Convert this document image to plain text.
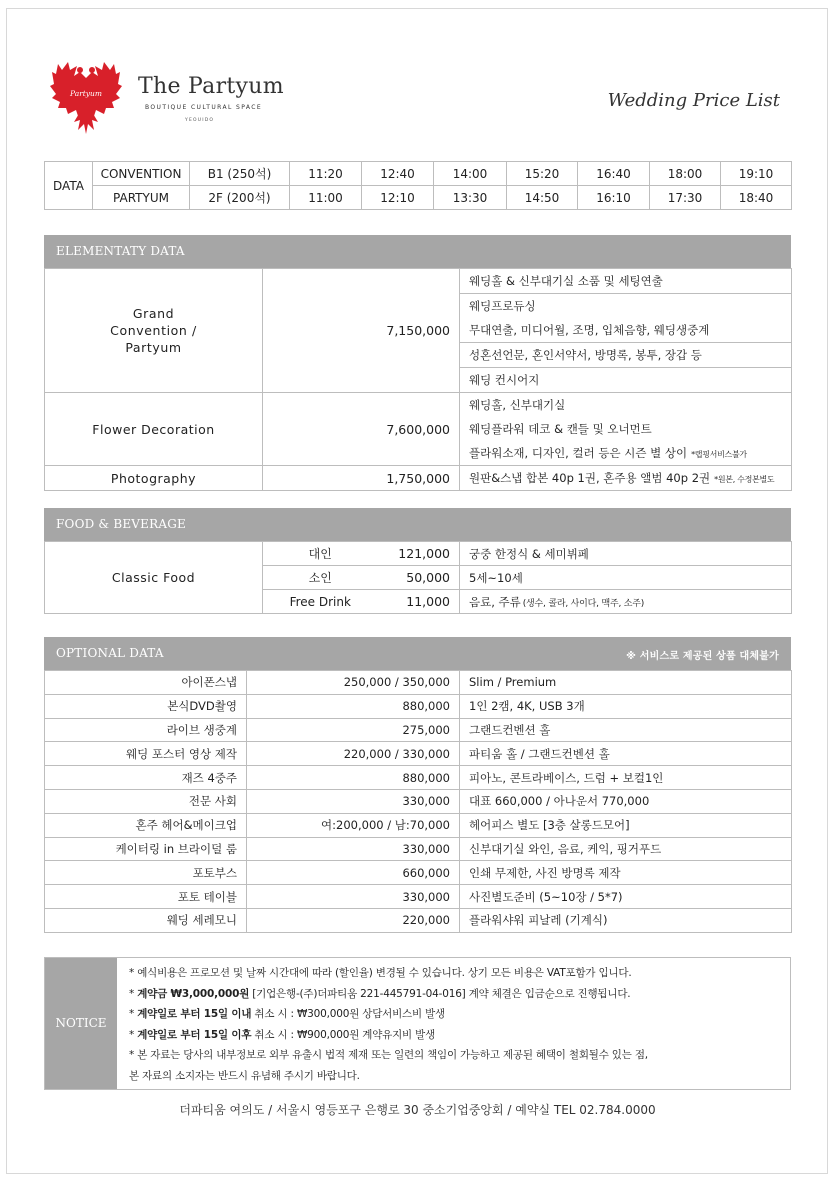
Partyum The Partyum
BOUTIQUE CULTURAL SPACE
YEOUIDO
Wedding Price List
DATA	CONVENTION	B1 (250석)	11:20	12:40	14:00	15:20	16:40	18:00	19:10
	PARTYUM	2F (200석)	11:00	12:10	13:30	14:50	16:10	17:30	18:40
ELEMENTATY DATA
Grand
Convention /
Partyum	7,150,000	웨딩홀 & 신부대기실 소품 및 세팅연출

		웨딩프로듀싱
무대연출, 미디어월, 조명, 입체음향, 웨딩생중계

		성혼선언문, 혼인서약서, 방명록, 봉투, 장갑 등

		웨딩 컨시어지

Flower Decoration	7,600,000	웨딩홀, 신부대기실
웨딩플라워 데코 & 캔들 및 오너먼트
플라워소재, 디자인, 컬러 등은 시즌 별 상이 *랩핑서비스불가

Photography	1,750,000	원판&스냅 합본 40p 1권, 혼주용 앨범 40p 2권 *원본, 수정본별도
FOOD & BEVERAGE
Classic Food	대인	121,000	궁중 한정식 & 세미뷔페
	소인	50,000	5세~10세
	Free Drink	11,000	음료, 주류 (생수, 콜라, 사이다, 맥주, 소주)
OPTIONAL DATA	※ 서비스로 제공된 상품 대체불가
아이폰스냅	250,000 / 350,000	Slim / Premium
본식DVD촬영	880,000	1인 2캠, 4K, USB 3개
라이브 생중계	275,000	그랜드컨벤션 홀
웨딩 포스터 영상 제작	220,000 / 330,000	파티움 홀 / 그랜드컨벤션 홀
재즈 4중주	880,000	피아노, 콘트라베이스, 드럼 + 보컬1인
전문 사회	330,000	대표 660,000 / 아나운서 770,000
혼주 헤어&메이크업	여:200,000 / 남:70,000	헤어피스 별도 [3층 살롱드모어]
케이터링 in 브라이덜 룸	330,000	신부대기실 와인, 음료, 케익, 핑거푸드
포토부스	660,000	인쇄 무제한, 사진 방명록 제작
포토 테이블	330,000	사진별도준비 (5~10장 / 5*7)
웨딩 세레모니	220,000	플라워샤워 피날레 (기계식)
NOTICE
* 예식비용은 프로모션 및 날짜 시간대에 따라 (할인율) 변경될 수 있습니다. 상기 모든 비용은 VAT포함가 입니다.
* 계약금 ₩3,000,000원 [기업은행-(주)더파티움 221-445791-04-016] 계약 체결은 입금순으로 진행됩니다.
* 계약일로 부터 15일 이내 취소 시 : ₩300,000원 상담서비스비 발생
* 계약일로 부터 15일 이후 취소 시 : ₩900,000원 계약유지비 발생
* 본 자료는 당사의 내부정보로 외부 유출시 법적 제재 또는 일련의 책임이 가능하고 제공된 혜택이 철회될수 있는 점,
본 자료의 소지자는 반드시 유념해 주시기 바랍니다.
더파티움 여의도 / 서울시 영등포구 은행로 30 중소기업중앙회 / 예약실 TEL 02.784.0000
